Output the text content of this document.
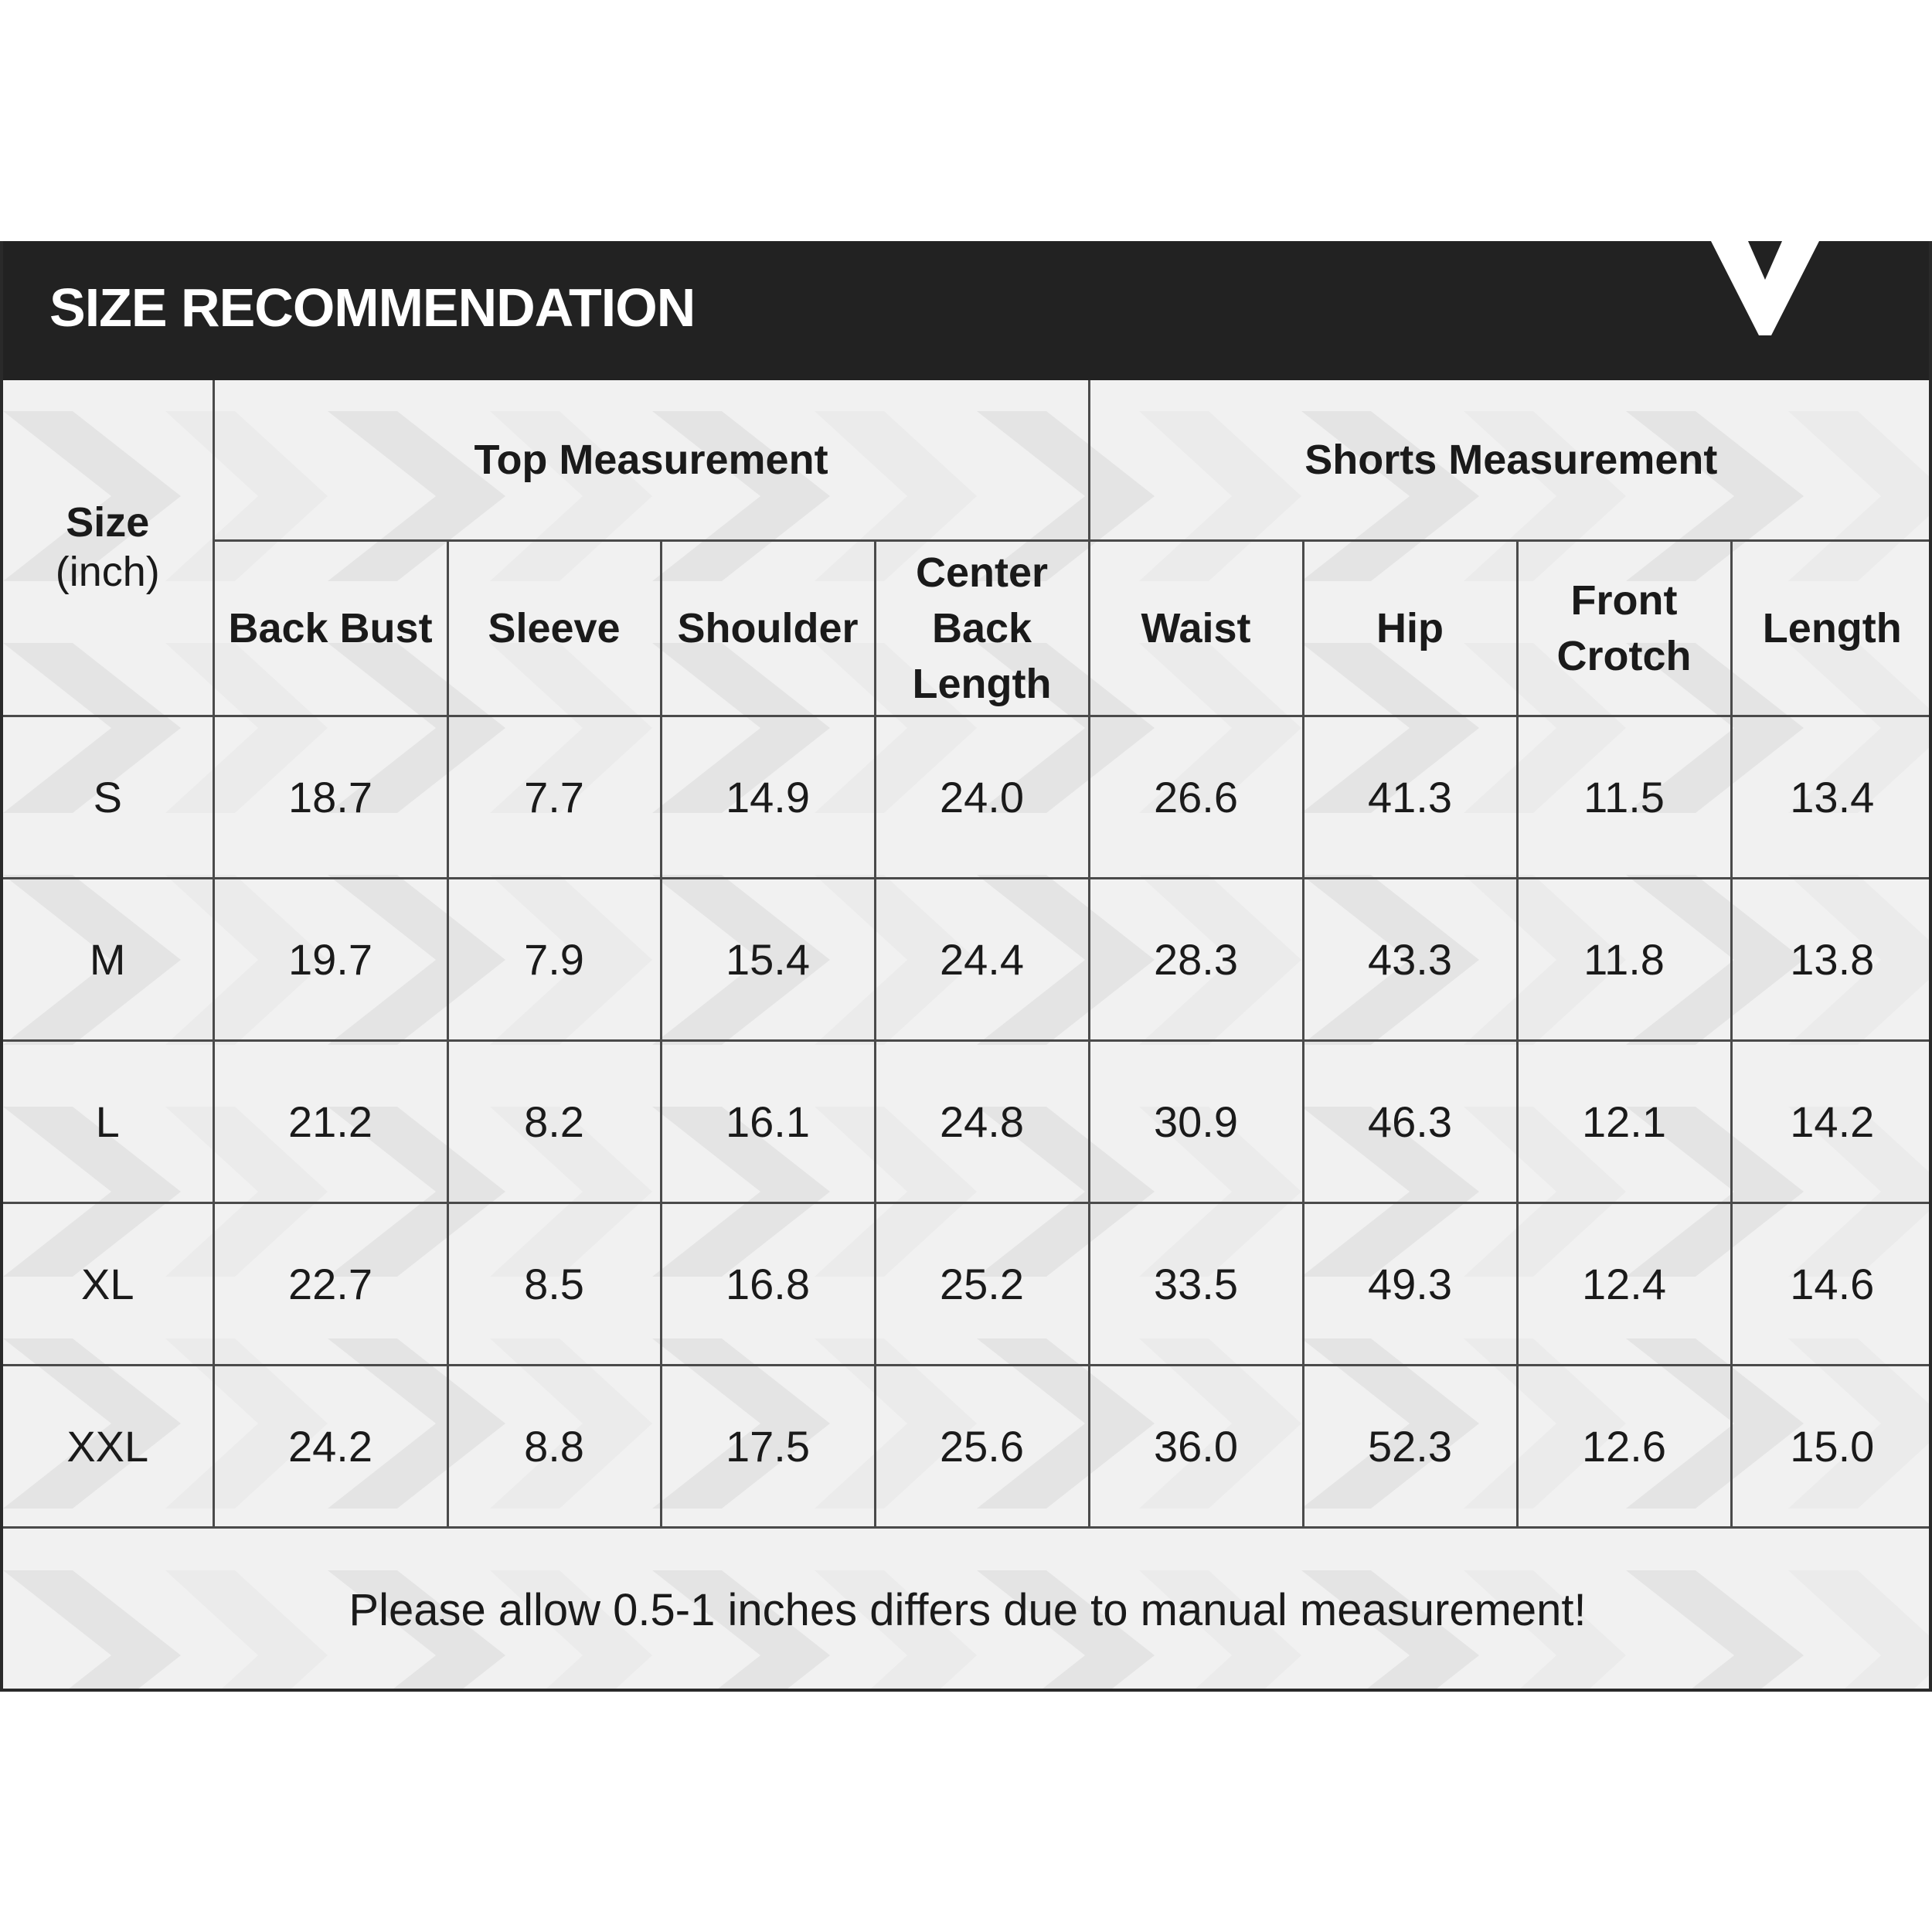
SIZE RECOMMENDATION
Size
(inch)	Top Measurement				Shorts Measurement			
	Back Bust	Sleeve	Shoulder	Center Back Length	Waist	Hip	Front Crotch	Length
S	18.7	7.7	14.9	24.0	26.6	41.3	11.5	13.4
M	19.7	7.9	15.4	24.4	28.3	43.3	11.8	13.8
L	21.2	8.2	16.1	24.8	30.9	46.3	12.1	14.2
XL	22.7	8.5	16.8	25.2	33.5	49.3	12.4	14.6
XXL	24.2	8.8	17.5	25.6	36.0	52.3	12.6	15.0
Please allow 0.5-1 inches differs due to manual measurement!								
